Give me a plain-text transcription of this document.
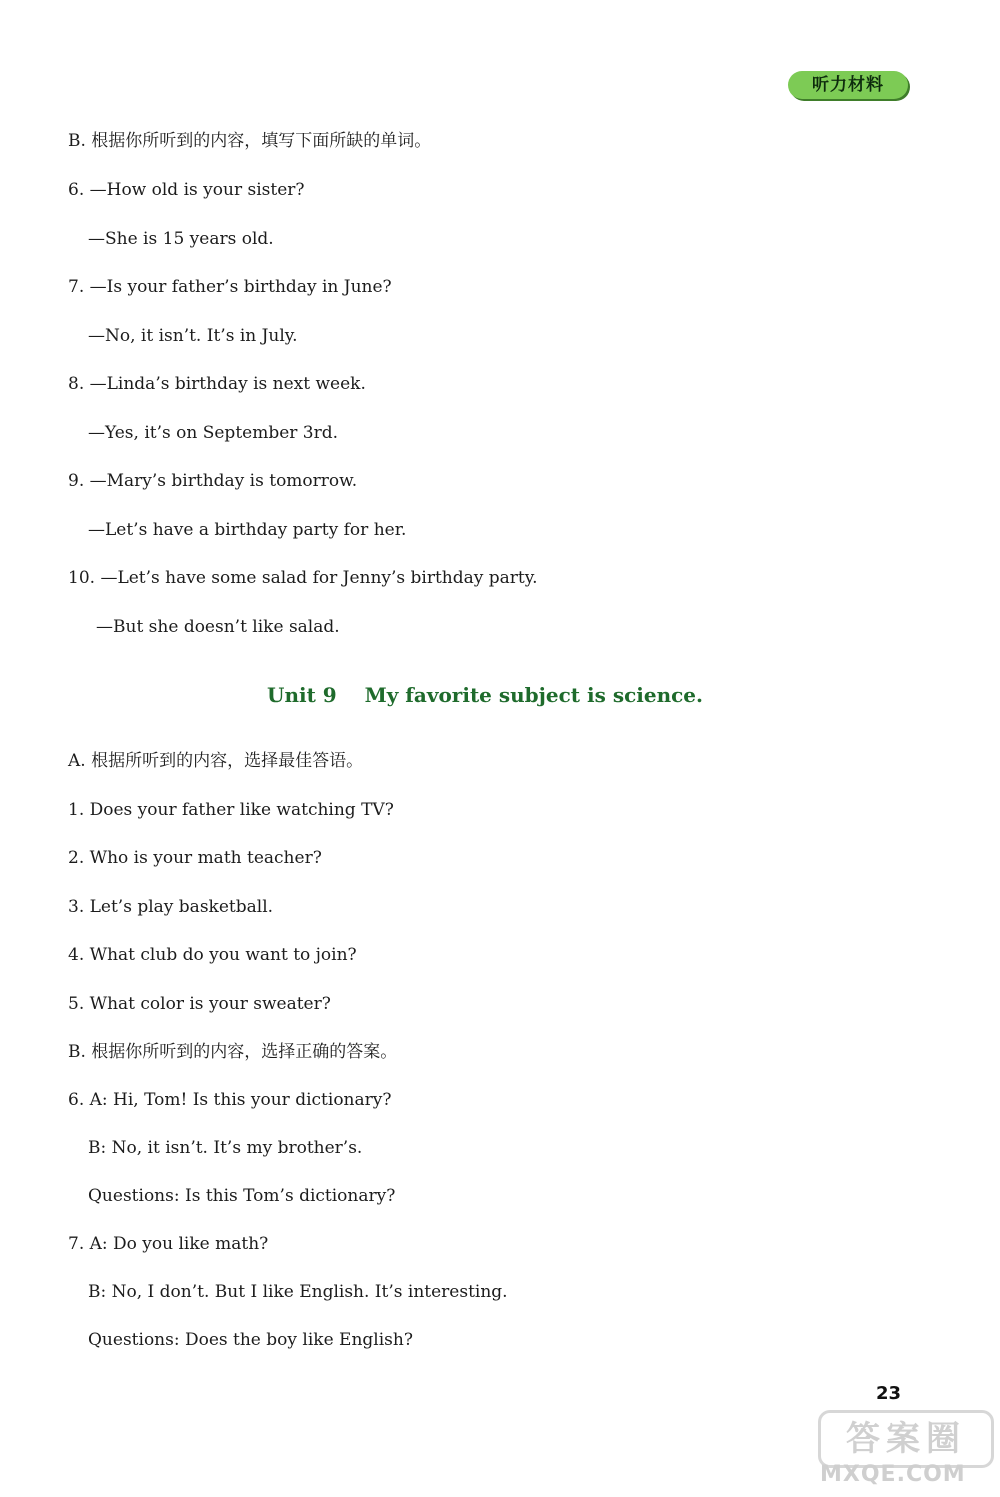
听力材料
B. 根据你所听到的内容，填写下面所缺的单词。
6. —How old is your sister?
—She is 15 years old.
7. —Is your father’s birthday in June?
—No, it isn’t. It’s in July.
8. —Linda’s birthday is next week.
—Yes, it’s on September 3rd.
9. —Mary’s birthday is tomorrow.
—Let’s have a birthday party for her.
10. —Let’s have some salad for Jenny’s birthday party.
—But she doesn’t like salad.
Unit 9    My favorite subject is science.
A. 根据所听到的内容，选择最佳答语。
1. Does your father like watching TV?
2. Who is your math teacher?
3. Let’s play basketball.
4. What club do you want to join?
5. What color is your sweater?
B. 根据你所听到的内容，选择正确的答案。
6. A: Hi, Tom! Is this your dictionary?
B: No, it isn’t. It’s my brother’s.
Questions: Is this Tom’s dictionary?
7. A: Do you like math?
B: No, I don’t. But I like English. It’s interesting.
Questions: Does the boy like English?
23
答案圈
MXQE.COM
